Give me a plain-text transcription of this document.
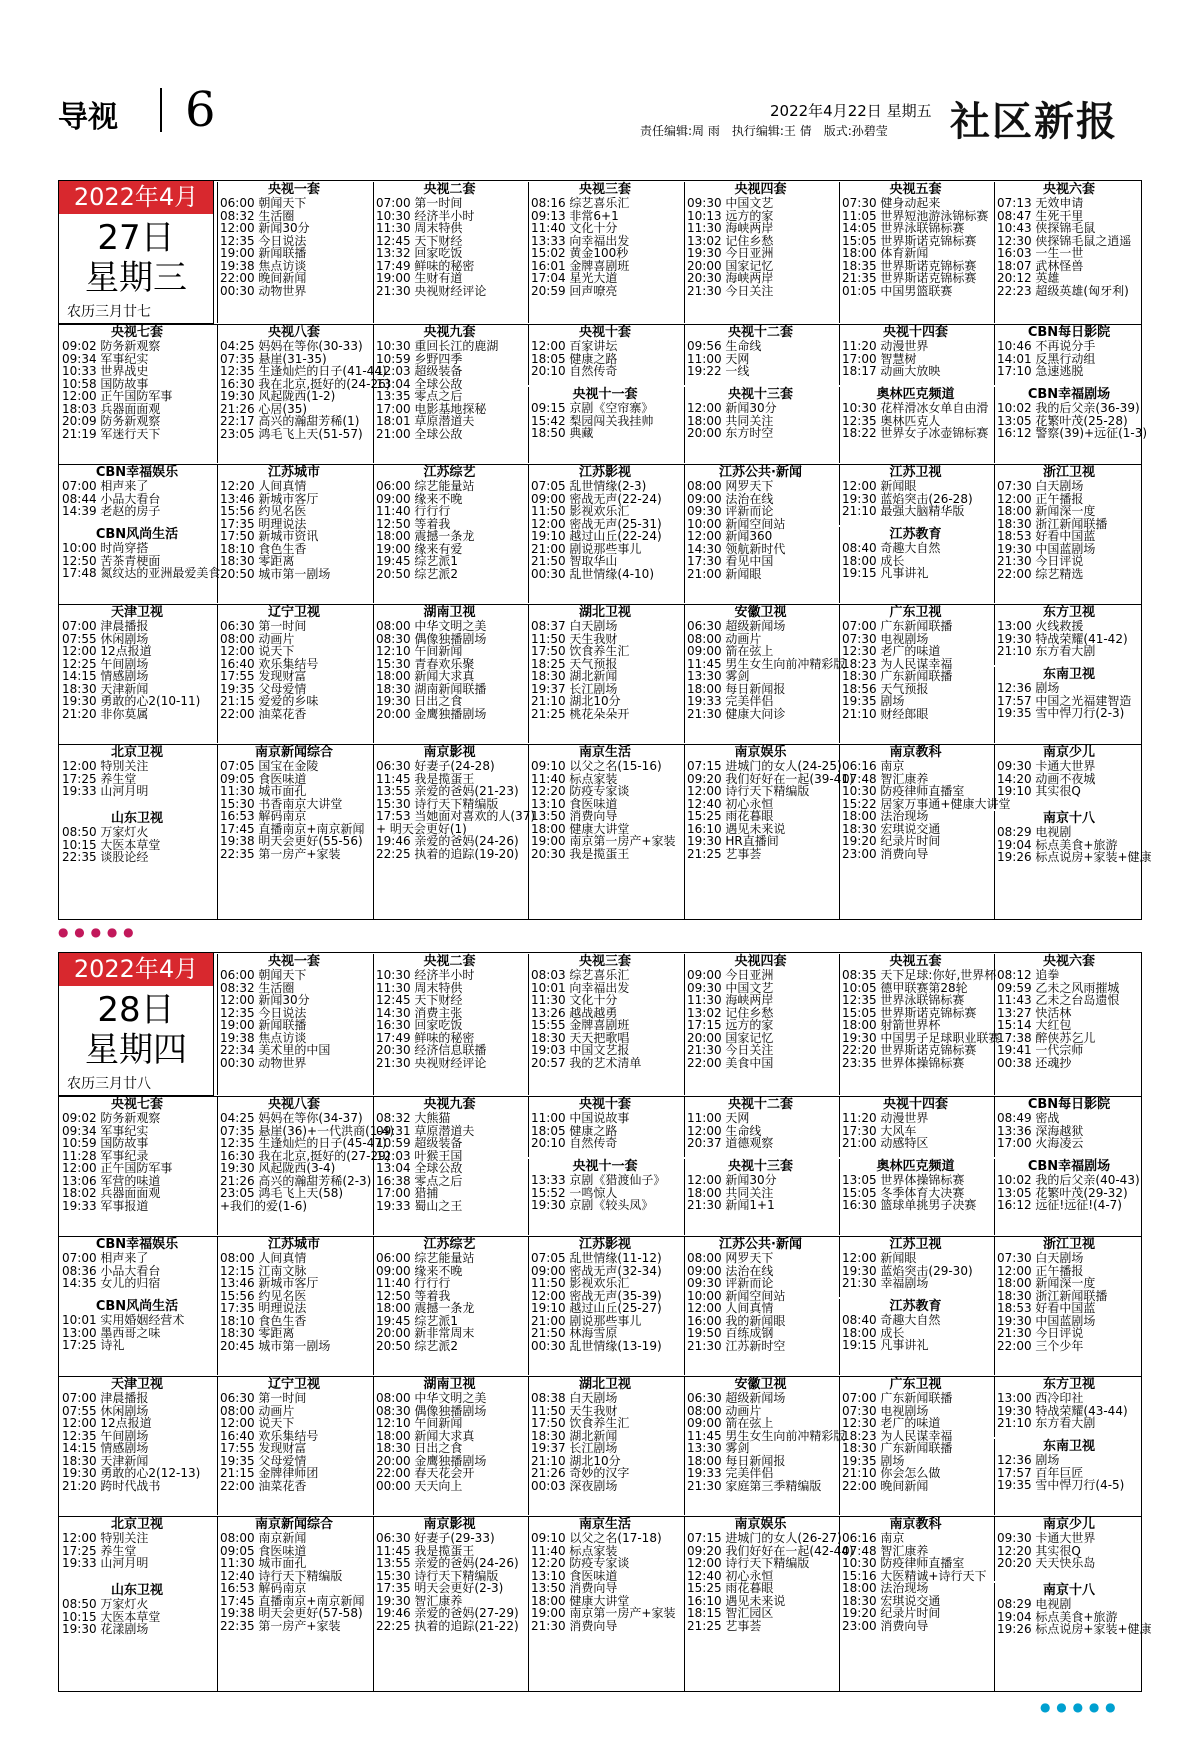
导视 6	2022年4月22日 星期五
责任编辑:周 雨　执行编辑:王 倩　版式:孙碧莹 社区新报
2022年4月
27日
星期三
农历三月廿七
央视一套
06:00 朝闻天下
08:32 生活圈
12:00 新闻30分
12:35 今日说法
19:00 新闻联播
19:38 焦点访谈
22:00 晚间新闻
00:30 动物世界
央视二套
07:00 第一时间
10:30 经济半小时
11:30 周末特供
12:45 天下财经
13:32 回家吃饭
17:49 鲜味的秘密
19:00 生财有道
21:30 央视财经评论
央视三套
08:16 综艺喜乐汇
09:13 非常6+1
11:40 文化十分
13:33 向幸福出发
15:02 黄金100秒
16:01 金牌喜剧班
17:04 星光大道
20:59 回声嘹亮
央视四套
09:30 中国文艺
10:13 远方的家
11:30 海峡两岸
13:02 记住乡愁
19:30 今日亚洲
20:00 国家记忆
20:30 海峡两岸
21:30 今日关注
央视五套
07:30 健身动起来
11:05 世界短池游泳锦标赛
14:05 世界泳联锦标赛
15:05 世界斯诺克锦标赛
18:00 体育新闻
18:35 世界斯诺克锦标赛
21:35 世界斯诺克锦标赛
01:05 中国男篮联赛
央视六套
07:13 无效申请
08:47 生死干里
10:43 侠探锦毛鼠
12:30 侠探锦毛鼠之逍遥
16:03 一生一世
18:07 武林怪兽
20:12 英雄
22:23 超级英雄(匈牙利)
央视七套
09:02 防务新观察
09:34 军事纪实
10:33 世界战史
10:58 国防故事
12:00 正午国防军事
18:03 兵器面面观
20:09 防务新观察
21:19 军迷行天下
央视八套
04:25 妈妈在等你(30-33)
07:35 悬崖(31-35)
12:35 生逢灿烂的日子(41-44)
16:30 我在北京,挺好的(24-26)
19:30 风起陇西(1-2)
21:26 心居(35)
22:17 高兴的瀚甜芳稀(1)
23:05 鸿毛飞上天(51-57)
央视九套
10:30 重回长江的鹿湖
10:59 乡野四季
12:03 超级装备
13:04 全球公敌
13:35 零点之后
17:00 电影基地探秘
18:01 草原潜道夫
21:00 全球公敌
央视十套
12:00 百家讲坛
18:05 健康之路
20:10 自然传奇
央视十一套
09:15 京剧《空帘寨》
15:42 梨园闯关我挂帅
18:50 典藏
央视十二套
09:56 生命线
11:00 天网
19:22 一线
央视十三套
12:00 新闻30分
18:00 共同关注
20:00 东方时空
央视十四套
11:20 动漫世界
17:00 智慧树
18:17 动画大放映
奥林匹克频道
10:30 花样滑冰女单自由滑
12:35 奥林匹克人
18:22 世界女子冰壶锦标赛
CBN每日影院
10:46 不再说分手
14:01 反黑行动组
17:10 急速逃脱
CBN幸福剧场
10:02 我的后父亲(36-39)
13:05 花繁叶茂(25-28)
16:12 警察(39)+远征(1-3)
CBN幸福娱乐
07:00 相声来了
08:44 小品大看台
14:39 老赵的房子
CBN风尚生活
10:00 时尚穿搭
12:50 苦茶青梗面
17:48 氮纹达的亚洲最爱美食
江苏城市
12:20 人间真情
13:46 新城市客厅
15:56 约见名医
17:35 明理说法
17:50 新城市资讯
18:10 食色生香
18:30 零距离
20:50 城市第一剧场
江苏综艺
06:00 综艺能量站
09:00 缘来不晚
11:40 行行行
12:50 等着我
18:00 震撼一条龙
19:00 缘来有爱
19:45 综艺派1
20:50 综艺派2
江苏影视
07:05 乱世情缘(2-3)
09:00 密战无声(22-24)
11:50 影视欢乐汇
12:00 密战无声(25-31)
19:10 越过山丘(22-24)
21:00 剧说那些事儿
21:50 智取华山
00:30 乱世情缘(4-10)
江苏公共·新闻
08:00 网罗天下
09:00 法治在线
09:30 评新而论
10:00 新闻空间站
12:00 新闻360
14:30 领航新时代
17:30 看见中国
21:00 新闻眼
江苏卫视
12:00 新闻眼
19:30 蓝焰突击(26-28)
21:10 最强大脑精华版
江苏教育
08:40 奇趣大自然
18:00 成长
19:15 凡事讲礼
浙江卫视
07:30 白天剧场
12:00 正午播报
18:00 新闻深一度
18:30 浙江新闻联播
18:53 好看中国蓝
19:30 中国蓝剧场
21:30 今日评说
22:00 综艺精选
天津卫视
07:00 津晨播报
07:55 休闲剧场
12:00 12点报道
12:25 午间剧场
14:15 情感剧场
18:30 天津新闻
19:30 勇敢的心2(10-11)
21:20 非你莫属
辽宁卫视
06:30 第一时间
08:00 动画片
12:00 说天下
16:40 欢乐集结号
17:55 发现财富
19:35 父母爱情
21:15 爱爱的乡味
22:00 油菜花香
湖南卫视
08:00 中华文明之美
08:30 偶像独播剧场
12:10 午间新闻
15:30 青春欢乐聚
18:00 新闻大求真
18:30 湖南新闻联播
19:30 日出之食
20:00 金鹰独播剧场
湖北卫视
08:37 白天剧场
11:50 天生我财
17:50 饮食养生汇
18:25 天气预报
18:30 湖北新闻
19:37 长江剧场
21:10 湖北10分
21:25 桃花朵朵开
安徽卫视
06:30 超级新闻场
08:00 动画片
09:00 箭在弦上
11:45 男生女生向前冲精彩版
13:30 雾剑
18:00 每日新闻报
19:33 完美伴侣
21:30 健康大问诊
广东卫视
07:00 广东新闻联播
07:30 电视剧场
12:30 老广的味道
18:23 为人民谋幸福
18:30 广东新闻联播
18:56 天气预报
19:35 剧场
21:10 财经郎眼
东方卫视
13:00 火线救援
19:30 特战荣耀(41-42)
21:10 东方看大剧
东南卫视
12:36 剧场
17:57 中国之光福建智造
19:35 雪中悍刀行(2-3)
北京卫视
12:00 特別关注
17:25 养生堂
19:33 山河月明
山东卫视
08:50 万家灯火
10:15 大医本草堂
22:35 谈股论经
南京新闻综合
07:05 国宝在金陵
09:05 食医味道
11:30 城市面孔
15:30 书香南京大讲堂
16:53 解码南京
17:45 直播南京+南京新闻
19:38 明天会更好(55-56)
22:35 第一房产+家装
南京影视
06:30 好妻子(24-28)
11:45 我是揽蛋王
13:55 亲爱的爸妈(21-23)
15:30 诗行天下精编版
17:53 当她面对喜欢的人(37)
+ 明天会更好(1)
19:46 亲爱的爸妈(24-26)
22:25 执着的追踪(19-20)
南京生活
09:10 以父之名(15-16)
11:40 标点家装
12:20 防疫专家谈
13:10 食医味道
13:50 消费向导
18:00 健康大讲堂
19:00 南京第一房产+家装
20:30 我是揽蛋王
南京娱乐
07:15 进城门的女人(24-25)
09:20 我们好好在一起(39-41)
12:00 诗行天下精编版
12:40 初心永恒
15:25 雨花暮眼
16:10 遇见未来说
19:30 HR直播间
21:25 艺事荟
南京教科
06:16 南京
07:48 智汇康养
10:30 防疫律师直播室
15:22 居家万事通+健康大讲堂
18:00 法治现场
18:30 宏琪说交通
19:20 纪录片时间
23:00 消费向导
南京少儿
09:30 卡通大世界
14:20 动画不夜城
19:10 其实很Q
南京十八
08:29 电视剧
19:04 标点美食+旅游
19:26 标点说房+家装+健康
2022年4月
28日
星期四
农历三月廿八
央视一套
06:00 朝闻天下
08:32 生活圈
12:00 新闻30分
12:35 今日说法
19:00 新闻联播
19:38 焦点访谈
22:34 美术里的中国
00:30 动物世界
央视二套
10:30 经济半小时
11:30 周末特供
12:45 天下财经
14:30 消费主张
16:30 回家吃饭
17:49 鲜味的秘密
20:30 经济信息联播
21:30 央视财经评论
央视三套
08:03 综艺喜乐汇
10:01 向幸福出发
11:30 文化十分
13:26 越战越勇
15:55 金牌喜剧班
18:30 天天把歌唱
19:03 中国文艺报
20:57 我的艺术清单
央视四套
09:00 今日亚洲
09:30 中国文艺
11:30 海峡两岸
13:02 记住乡愁
17:15 远方的家
20:00 国家记忆
21:30 今日关注
22:00 美食中国
央视五套
08:35 天下足球:你好,世界杯
10:05 德甲联赛第28轮
12:35 世界泳联锦标赛
15:05 世界斯诺克锦标赛
18:00 射箭世界杯
19:30 中国男子足球职业联赛
22:20 世界斯诺克锦标赛
23:35 世界体操锦标赛
央视六套
08:12 追拳
09:59 乙未之风雨摧城
11:43 乙未之台岛遗恨
13:27 快活林
15:14 大红包
17:38 醉侠苏乞儿
19:41 一代宗师
00:38 还魂抄
央视七套
09:02 防务新观察
09:34 军事纪实
10:59 国防故事
11:28 军事纪录
12:00 正午国防军事
13:06 军营的味道
18:02 兵器面面观
19:33 军事报道
央视八套
04:25 妈妈在等你(34-37)
07:35 悬崖(36)+一代洪商(1-4)
12:35 生逢灿烂的日子(45-47)
16:30 我在北京,挺好的(27-29)
19:30 风起陇西(3-4)
21:26 高兴的瀚甜芳稀(2-3)
23:05 鸿毛飞上天(58)
+我们的爱(1-6)
央视九套
08:32 大熊猫
09:31 草原潜道夫
10:59 超级装备
12:03 叶猴王国
13:04 全球公敌
16:38 零点之后
17:00 猎捕
19:33 蜀山之王
央视十套
11:00 中国说故事
18:05 健康之路
20:10 自然传奇
央视十一套
13:33 京剧《猎渡仙子》
15:52 一鸣惊人
19:30 京剧《较头凤》
央视十二套
11:00 天网
12:00 生命线
20:37 道德观察
央视十三套
12:00 新闻30分
18:00 共同关注
21:30 新闻1+1
央视十四套
11:20 动漫世界
17:30 大风车
21:00 动感特区
奥林匹克频道
13:05 世界体操锦标赛
15:05 冬季体育大决赛
16:30 篮球单挑男子决赛
CBN每日影院
08:49 密战
13:36 深海越狱
17:00 火海凌云
CBN幸福剧场
10:02 我的后父亲(40-43)
13:05 花繁叶茂(29-32)
16:12 远征!远征!(4-7)
CBN幸福娱乐
07:00 相声来了
08:36 小品大看台
14:35 女儿的归宿
CBN风尚生活
10:01 实用婚姻经营术
13:00 墨西哥之味
17:25 诗礼
江苏城市
08:00 人间真情
12:15 江南文脉
13:46 新城市客厅
15:56 约见名医
17:35 明理说法
18:10 食色生香
18:30 零距离
20:45 城市第一剧场
江苏综艺
06:00 综艺能量站
09:00 缘来不晚
11:40 行行行
12:50 等着我
18:00 震撼一条龙
19:45 综艺派1
20:00 新非常周末
20:50 综艺派2
江苏影视
07:05 乱世情缘(11-12)
09:00 密战无声(32-34)
11:50 影视欢乐汇
12:00 密战无声(35-39)
19:10 越过山丘(25-27)
21:00 剧说那些事儿
21:50 林海雪原
00:30 乱世情缘(13-19)
江苏公共·新闻
08:00 网罗天下
09:00 法治在线
09:30 评新而论
10:00 新闻空间站
12:00 人间真情
16:00 我的新闻眼
19:50 百练成钢
21:30 江苏新时空
江苏卫视
12:00 新闻眼
19:30 蓝焰突击(29-30)
21:30 幸福剧场
江苏教育
08:40 奇趣大自然
18:00 成长
19:15 凡事讲礼
浙江卫视
07:30 白天剧场
12:00 正午播报
18:00 新闻深一度
18:30 浙江新闻联播
18:53 好看中国蓝
19:30 中国蓝剧场
21:30 今日评说
22:00 三个少年
天津卫视
07:00 津晨播报
07:55 休闲剧场
12:00 12点报道
12:35 午间剧场
14:15 情感剧场
18:30 天津新闻
19:30 勇敢的心2(12-13)
21:20 跨时代战书
辽宁卫视
06:30 第一时间
08:00 动画片
12:00 说天下
16:40 欢乐集结号
17:55 发现财富
19:35 父母爱情
21:15 金牌律师团
22:00 油菜花香
湖南卫视
08:00 中华文明之美
08:30 偶像独播剧场
12:10 午间新闻
18:00 新闻大求真
18:30 日出之食
20:00 金鹰独播剧场
22:00 春天花会开
00:00 天天向上
湖北卫视
08:38 白天剧场
11:50 天生我财
17:50 饮食养生汇
18:30 湖北新闻
19:37 长江剧场
21:10 湖北10分
21:26 奇妙的汉字
00:03 深夜剧场
安徽卫视
06:30 超级新闻场
08:00 动画片
09:00 箭在弦上
11:45 男生女生向前冲精彩版
13:30 雾剑
18:00 每日新闻报
19:33 完美伴侣
21:30 家庭第三季精编版
广东卫视
07:00 广东新闻联播
07:30 电视剧场
12:30 老广的味道
18:23 为人民谋幸福
18:30 广东新闻联播
19:35 剧场
21:10 你会怎么做
22:00 晚间新闻
东方卫视
13:00 西冷印社
19:30 特战荣耀(43-44)
21:10 东方看大剧
东南卫视
12:36 剧场
17:57 百年巨匠
19:35 雪中悍刀行(4-5)
北京卫视
12:00 特别关注
17:25 养生堂
19:33 山河月明
山东卫视
08:50 万家灯火
10:15 大医本草堂
19:30 花漾剧场
南京新闻综合
08:00 南京新闻
09:05 食医味道
11:30 城市面孔
12:40 诗行天下精编版
16:53 解码南京
17:45 直播南京+南京新闻
19:38 明天会更好(57-58)
22:35 第一房产+家装
南京影视
06:30 好妻子(29-33)
11:45 我是揽蛋王
13:55 亲爱的爸妈(24-26)
15:30 诗行天下精编版
17:35 明天会更好(2-3)
19:30 智汇康养
19:46 亲爱的爸妈(27-29)
22:25 执着的追踪(21-22)
南京生活
09:10 以父之名(17-18)
11:40 标点家装
12:20 防疫专家谈
13:10 食医味道
13:50 消费向导
18:00 健康大讲堂
19:00 南京第一房产+家装
21:30 消费向导
南京娱乐
07:15 进城门的女人(26-27)
09:20 我们好好在一起(42-44)
12:00 诗行天下精编版
12:40 初心永恒
15:25 雨花暮眼
16:10 遇见未来说
18:15 智汇园区
21:25 艺事荟
南京教科
06:16 南京
07:48 智汇康养
10:30 防疫律师直播室
15:16 大医精诚+诗行天下
18:00 法治现场
18:30 宏琪说交通
19:20 纪录片时间
23:00 消费向导
南京少儿
09:30 卡通大世界
12:20 其实很Q
20:20 天天快乐岛
南京十八
08:29 电视剧
19:04 标点美食+旅游
19:26 标点说房+家装+健康
● ● ● ● ●
● ● ● ● ●
